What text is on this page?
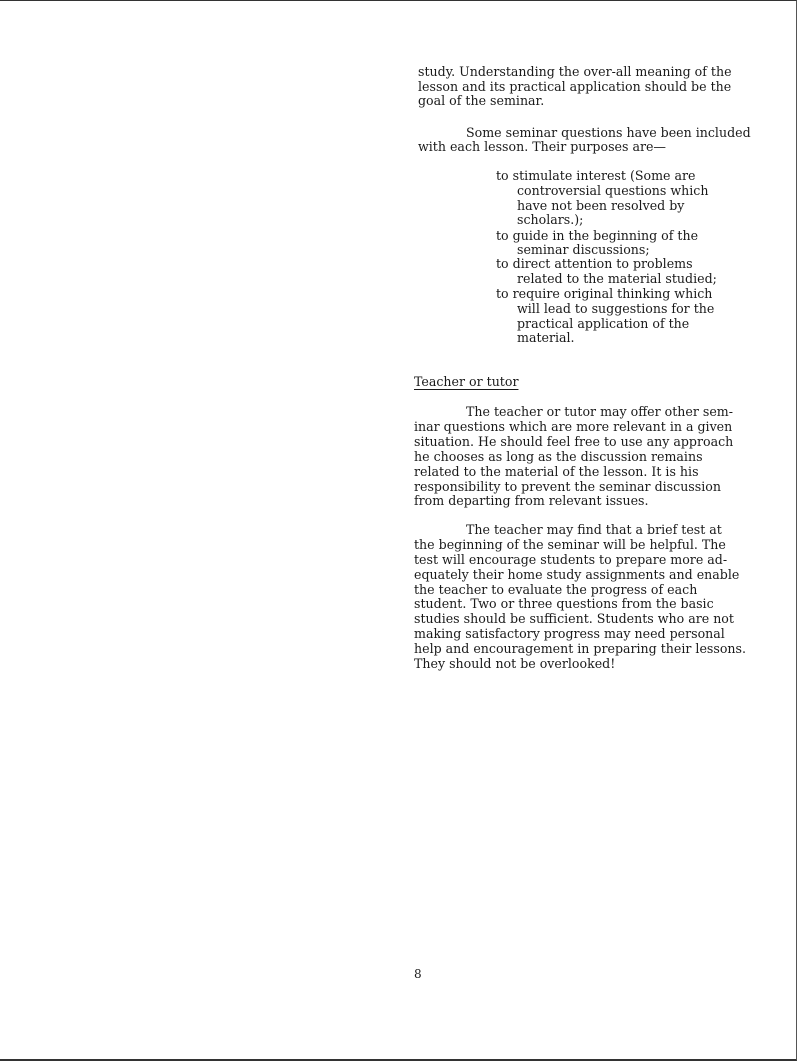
study. Understanding the over-all meaning of the
lesson and its practical application should be the
goal of the seminar.
Some seminar questions have been included
with each lesson. Their purposes are—
to stimulate interest (Some are
controversial questions which
have not been resolved by
scholars.);
to guide in the beginning of the
seminar discussions;
to direct attention to problems
related to the material studied;
to require original thinking which
will lead to suggestions for the
practical application of the
material.
Teacher or tutor
The teacher or tutor may offer other sem-
inar questions which are more relevant in a given
situation. He should feel free to use any approach
he chooses as long as the discussion remains
related to the material of the lesson. It is his
responsibility to prevent the seminar discussion
from departing from relevant issues.
The teacher may find that a brief test at
the beginning of the seminar will be helpful. The
test will encourage students to prepare more ad-
equately their home study assignments and enable
the teacher to evaluate the progress of each
student. Two or three questions from the basic
studies should be sufficient. Students who are not
making satisfactory progress may need personal
help and encouragement in preparing their lessons.
They should not be overlooked!
8
